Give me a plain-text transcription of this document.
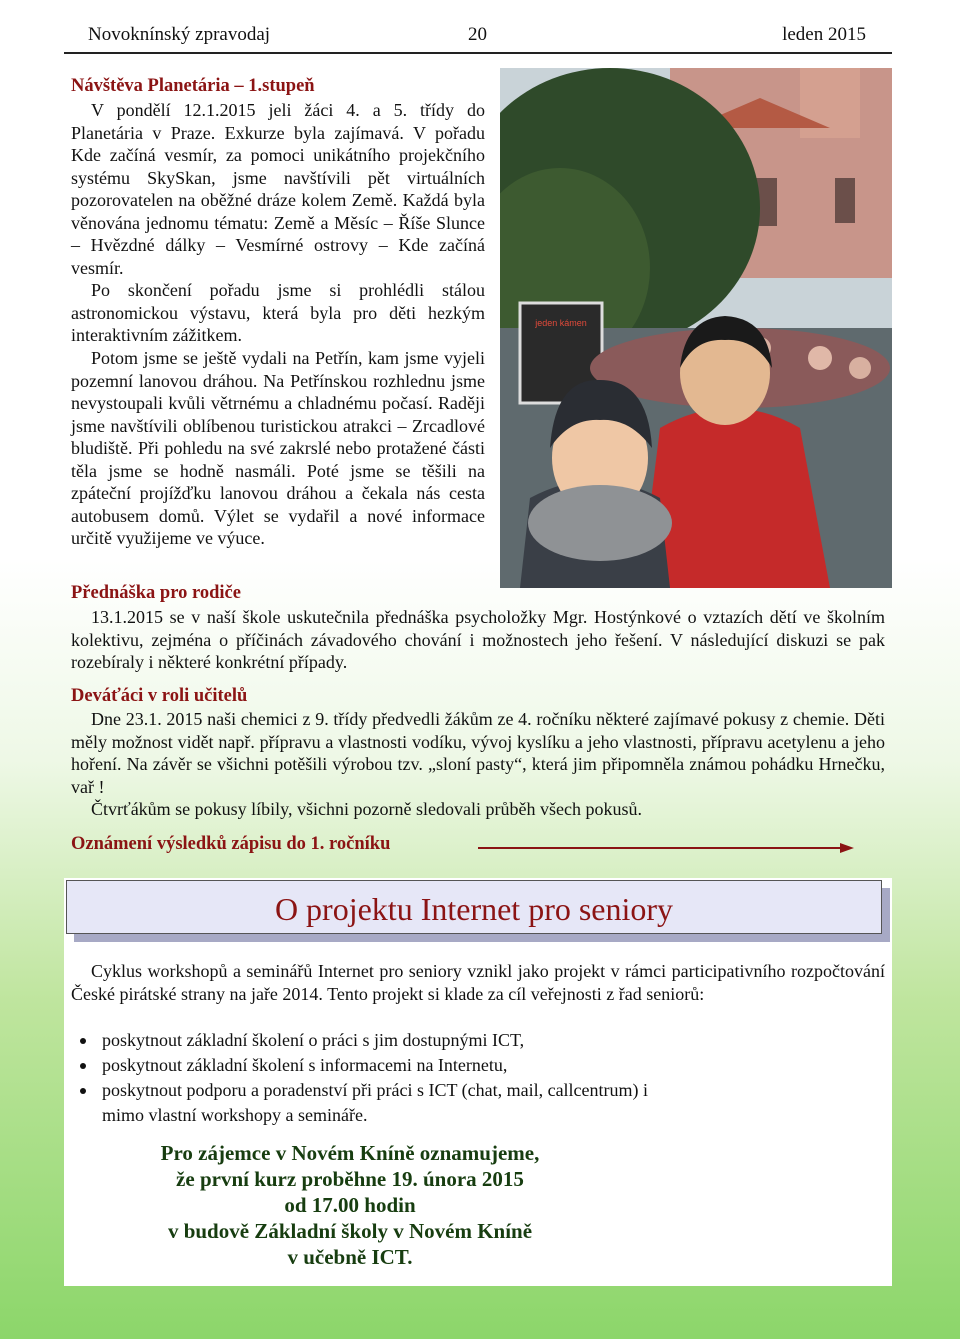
Novoknínský zpravodaj	20	leden 2015
Návštěva Planetária – 1.stupeň

V pondělí 12.1.2015 jeli žáci 4. a 5. třídy do Planetária v Praze. Exkurze byla zajímavá. V pořadu Kde začíná vesmír, za pomoci unikátního projekčního systému SkySkan, jsme navštívili pět virtuálních pozorovatelen na oběžné dráze kolem Země. Každá byla věnována jednomu tématu: Země a Měsíc – Říše Slunce – Hvězdné dálky – Vesmírné ostrovy – Kde začíná vesmír.

Po skončení pořadu jsme si prohlédli stálou astronomickou výstavu, která byla pro děti hezkým interaktivním zážitkem.

Potom jsme se ještě vydali na Petřín, kam jsme vyjeli pozemní lanovou dráhou. Na Petřínskou rozhlednu jsme nevystoupali kvůli větrnému a chladnému počasí. Raději jsme navštívili oblíbenou turistickou atrakci – Zrcadlové bludiště. Při pohledu na své zakrslé nebo protažené části těla jsme se hodně nasmáli. Poté jsme se těšili na zpáteční projížďku lanovou dráhou a čekala nás cesta autobusem domů. Výlet se vydařil a nové informace určitě využijeme ve výuce.

jeden kámen
Přednáška pro rodiče

13.1.2015 se v naší škole uskutečnila přednáška psycholožky Mgr. Hostýnkové o vztazích dětí ve školním kolektivu, zejména o příčinách závadového chování i možnostech jeho řešení. V následující diskuzi se pak rozebíraly i některé konkrétní případy.

Deváťáci v roli učitelů

Dne 23.1. 2015 naši chemici z 9. třídy předvedli žákům ze 4. ročníku některé zajímavé pokusy z chemie. Děti měly možnost vidět např. přípravu a vlastnosti vodíku, vývoj kyslíku a jeho vlastnosti, přípravu acetylenu a jeho hoření. Na závěr se všichni potěšili výrobou tzv. „sloní pasty“, která jim připomněla známou pohádku Hrnečku, vař !

Čtvrťákům se pokusy líbily, všichni pozorně sledovali průběh všech pokusů.

Oznámení výsledků zápisu do 1. ročníku
O projektu Internet pro seniory

Cyklus workshopů a seminářů Internet pro seniory vznikl jako projekt v rámci participativního rozpočtování České pirátské strany na jaře 2014. Tento projekt si klade za cíl veřejnosti z řad seniorů:

poskytnout základní školení o práci s jim dostupnými ICT,
poskytnout základní školení s informacemi na Internetu,
poskytnout podporu a poradenství při práci s ICT (chat, mail, callcentrum) i mimo vlastní workshopy a semináře.
Pro zájemce v Novém Kníně oznamujeme,
že první kurz proběhne 19. února 2015
od 17.00 hodin
v budově Základní školy v Novém Kníně
v učebně ICT.
